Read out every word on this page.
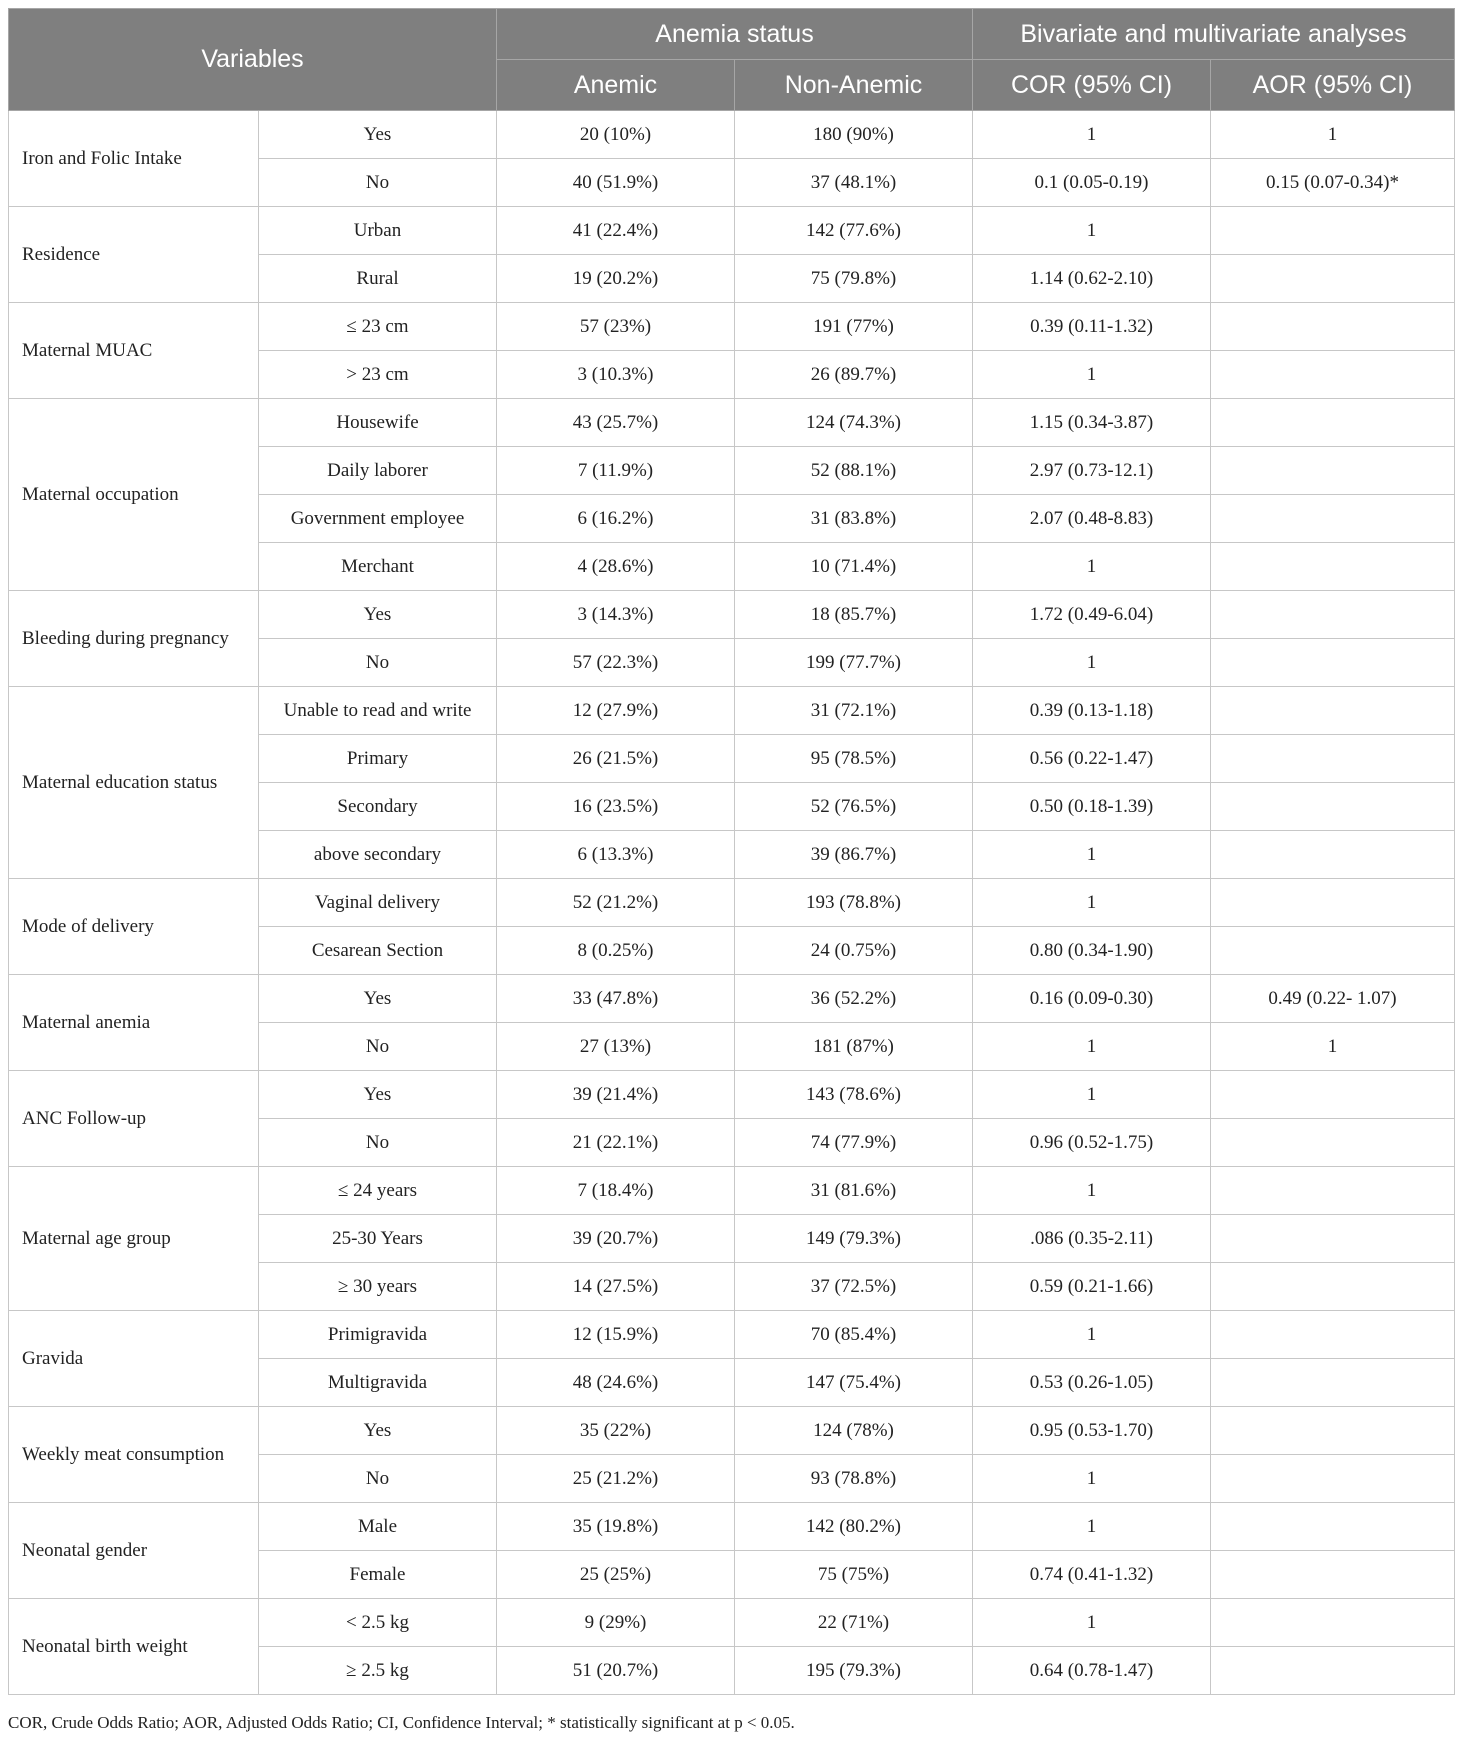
Variables		Anemia status		Bivariate and multivariate analyses	
		Anemic	Non-Anemic	COR (95% CI)	AOR (95% CI)
Iron and Folic Intake	Yes	20 (10%)	180 (90%)	1	1
	No	40 (51.9%)	37 (48.1%)	0.1 (0.05-0.19)	0.15 (0.07-0.34)*
Residence	Urban	41 (22.4%)	142 (77.6%)	1	
	Rural	19 (20.2%)	75 (79.8%)	1.14 (0.62-2.10)	
Maternal MUAC	≤ 23 cm	57 (23%)	191 (77%)	0.39 (0.11-1.32)	
	> 23 cm	3 (10.3%)	26 (89.7%)	1	
Maternal occupation	Housewife	43 (25.7%)	124 (74.3%)	1.15 (0.34-3.87)	
	Daily laborer	7 (11.9%)	52 (88.1%)	2.97 (0.73-12.1)	
	Government employee	6 (16.2%)	31 (83.8%)	2.07 (0.48-8.83)	
	Merchant	4 (28.6%)	10 (71.4%)	1	
Bleeding during pregnancy	Yes	3 (14.3%)	18 (85.7%)	1.72 (0.49-6.04)	
	No	57 (22.3%)	199 (77.7%)	1	
Maternal education status	Unable to read and write	12 (27.9%)	31 (72.1%)	0.39 (0.13-1.18)	
	Primary	26 (21.5%)	95 (78.5%)	0.56 (0.22-1.47)	
	Secondary	16 (23.5%)	52 (76.5%)	0.50 (0.18-1.39)	
	above secondary	6 (13.3%)	39 (86.7%)	1	
Mode of delivery	Vaginal delivery	52 (21.2%)	193 (78.8%)	1	
	Cesarean Section	8 (0.25%)	24 (0.75%)	0.80 (0.34-1.90)	
Maternal anemia	Yes	33 (47.8%)	36 (52.2%)	0.16 (0.09-0.30)	0.49 (0.22- 1.07)
	No	27 (13%)	181 (87%)	1	1
ANC Follow-up	Yes	39 (21.4%)	143 (78.6%)	1	
	No	21 (22.1%)	74 (77.9%)	0.96 (0.52-1.75)	
Maternal age group	≤ 24 years	7 (18.4%)	31 (81.6%)	1	
	25-30 Years	39 (20.7%)	149 (79.3%)	.086 (0.35-2.11)	
	≥ 30 years	14 (27.5%)	37 (72.5%)	0.59 (0.21-1.66)	
Gravida	Primigravida	12 (15.9%)	70 (85.4%)	1	
	Multigravida	48 (24.6%)	147 (75.4%)	0.53 (0.26-1.05)	
Weekly meat consumption	Yes	35 (22%)	124 (78%)	0.95 (0.53-1.70)	
	No	25 (21.2%)	93 (78.8%)	1	
Neonatal gender	Male	35 (19.8%)	142 (80.2%)	1	
	Female	25 (25%)	75 (75%)	0.74 (0.41-1.32)	
Neonatal birth weight	< 2.5 kg	9 (29%)	22 (71%)	1	
	≥ 2.5 kg	51 (20.7%)	195 (79.3%)	0.64 (0.78-1.47)	
COR, Crude Odds Ratio; AOR, Adjusted Odds Ratio; CI, Confidence Interval; * statistically significant at p < 0.05.
